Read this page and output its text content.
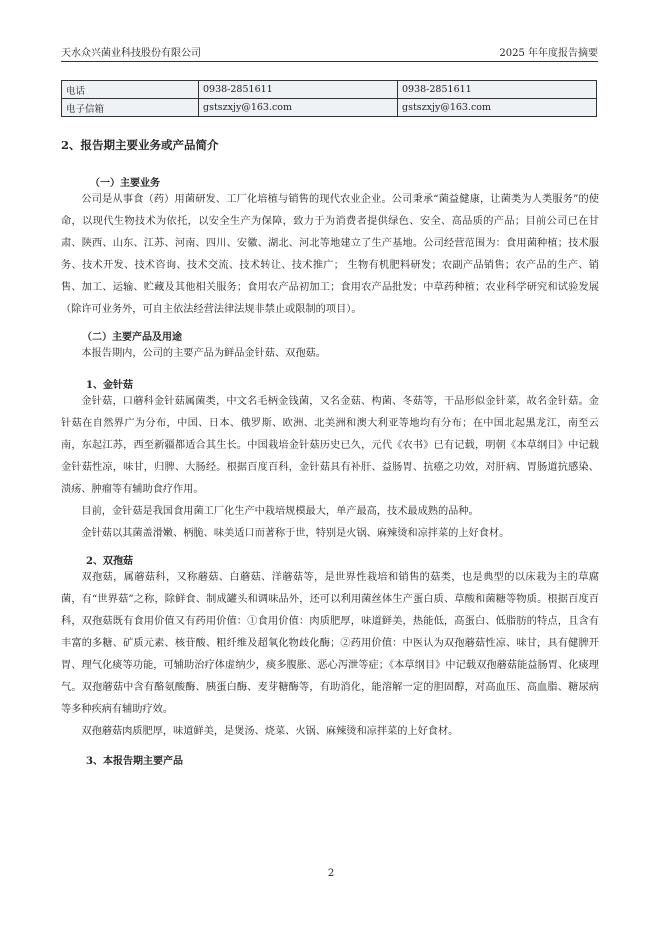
天水众兴菌业科技股份有限公司	2025 年年度报告摘要
电话	0938-2851611	0938-2851611
电子信箱	gstszxjy@163.com	gstszxjy@163.com
2、报告期主要业务或产品简介
（一）主要业务
公司是从事食（药）用菌研发、工厂化培植与销售的现代农业企业。公司秉承“菌益健康，让菌类为人类服务”的使命，以现代生物技术为依托，以安全生产为保障，致力于为消费者提供绿色、安全、高品质的产品；目前公司已在甘肃、陕西、山东、江苏、河南、四川、安徽、湖北、河北等地建立了生产基地。公司经营范围为：食用菌种植；技术服务、技术开发、技术咨询、技术交流、技术转让、技术推广； 生物有机肥料研发；农副产品销售；农产品的生产、销售、加工、运输、贮藏及其他相关服务；食用农产品初加工；食用农产品批发；中草药种植；农业科学研究和试验发展（除许可业务外，可自主依法经营法律法规非禁止或限制的项目）。
（二）主要产品及用途
本报告期内，公司的主要产品为鲜品金针菇、双孢菇。
1、金针菇
金针菇，口蘑科金针菇属菌类，中文名毛柄金钱菌，又名金菇、构菌、冬菇等，干品形似金针菜，故名金针菇。金针菇在自然界广为分布，中国、日本、俄罗斯、欧洲、北美洲和澳大利亚等地均有分布；在中国北起黑龙江，南至云南，东起江苏，西至新疆都适合其生长。中国栽培金针菇历史已久，元代《农书》已有记载，明朝《本草纲目》中记载金针菇性凉，味甘，归脾、大肠经。根据百度百科，金针菇具有补肝、益肠胃、抗癌之功效，对肝病、胃肠道抗感染、溃疡、肿瘤等有辅助食疗作用。
目前，金针菇是我国食用菌工厂化生产中栽培规模最大，单产最高，技术最成熟的品种。
金针菇以其菌盖滑嫩、柄脆、味美适口而著称于世，特别是火锅、麻辣烫和凉拌菜的上好食材。
2、双孢菇
双孢菇，属蘑菇科，又称蘑菇、白蘑菇、洋蘑菇等，是世界性栽培和销售的菇类，也是典型的以床栽为主的草腐菌，有“世界菇”之称，除鲜食、制成罐头和调味品外，还可以利用菌丝体生产蛋白质、草酸和菌糖等物质。根据百度百科，双孢菇既有食用价值又有药用价值：①食用价值：肉质肥厚，味道鲜美，热能低，高蛋白、低脂肪的特点，且含有丰富的多糖、矿质元素、核苷酸、粗纤维及超氧化物歧化酶；②药用价值：中医认为双孢蘑菇性凉、味甘，具有健脾开胃、理气化痰等功能，可辅助治疗体虚纳少，痰多腹胀、恶心泻泄等症；《本草纲目》中记载双孢蘑菇能益肠胃、化痰理气。双孢蘑菇中含有酪氨酸酶、胰蛋白酶、麦芽糖酶等，有助消化，能溶解一定的胆固醇，对高血压、高血脂、糖尿病等多种疾病有辅助疗效。
双孢蘑菇肉质肥厚，味道鲜美，是煲汤、烧菜、火锅、麻辣烫和凉拌菜的上好食材。
3、本报告期主要产品
2
